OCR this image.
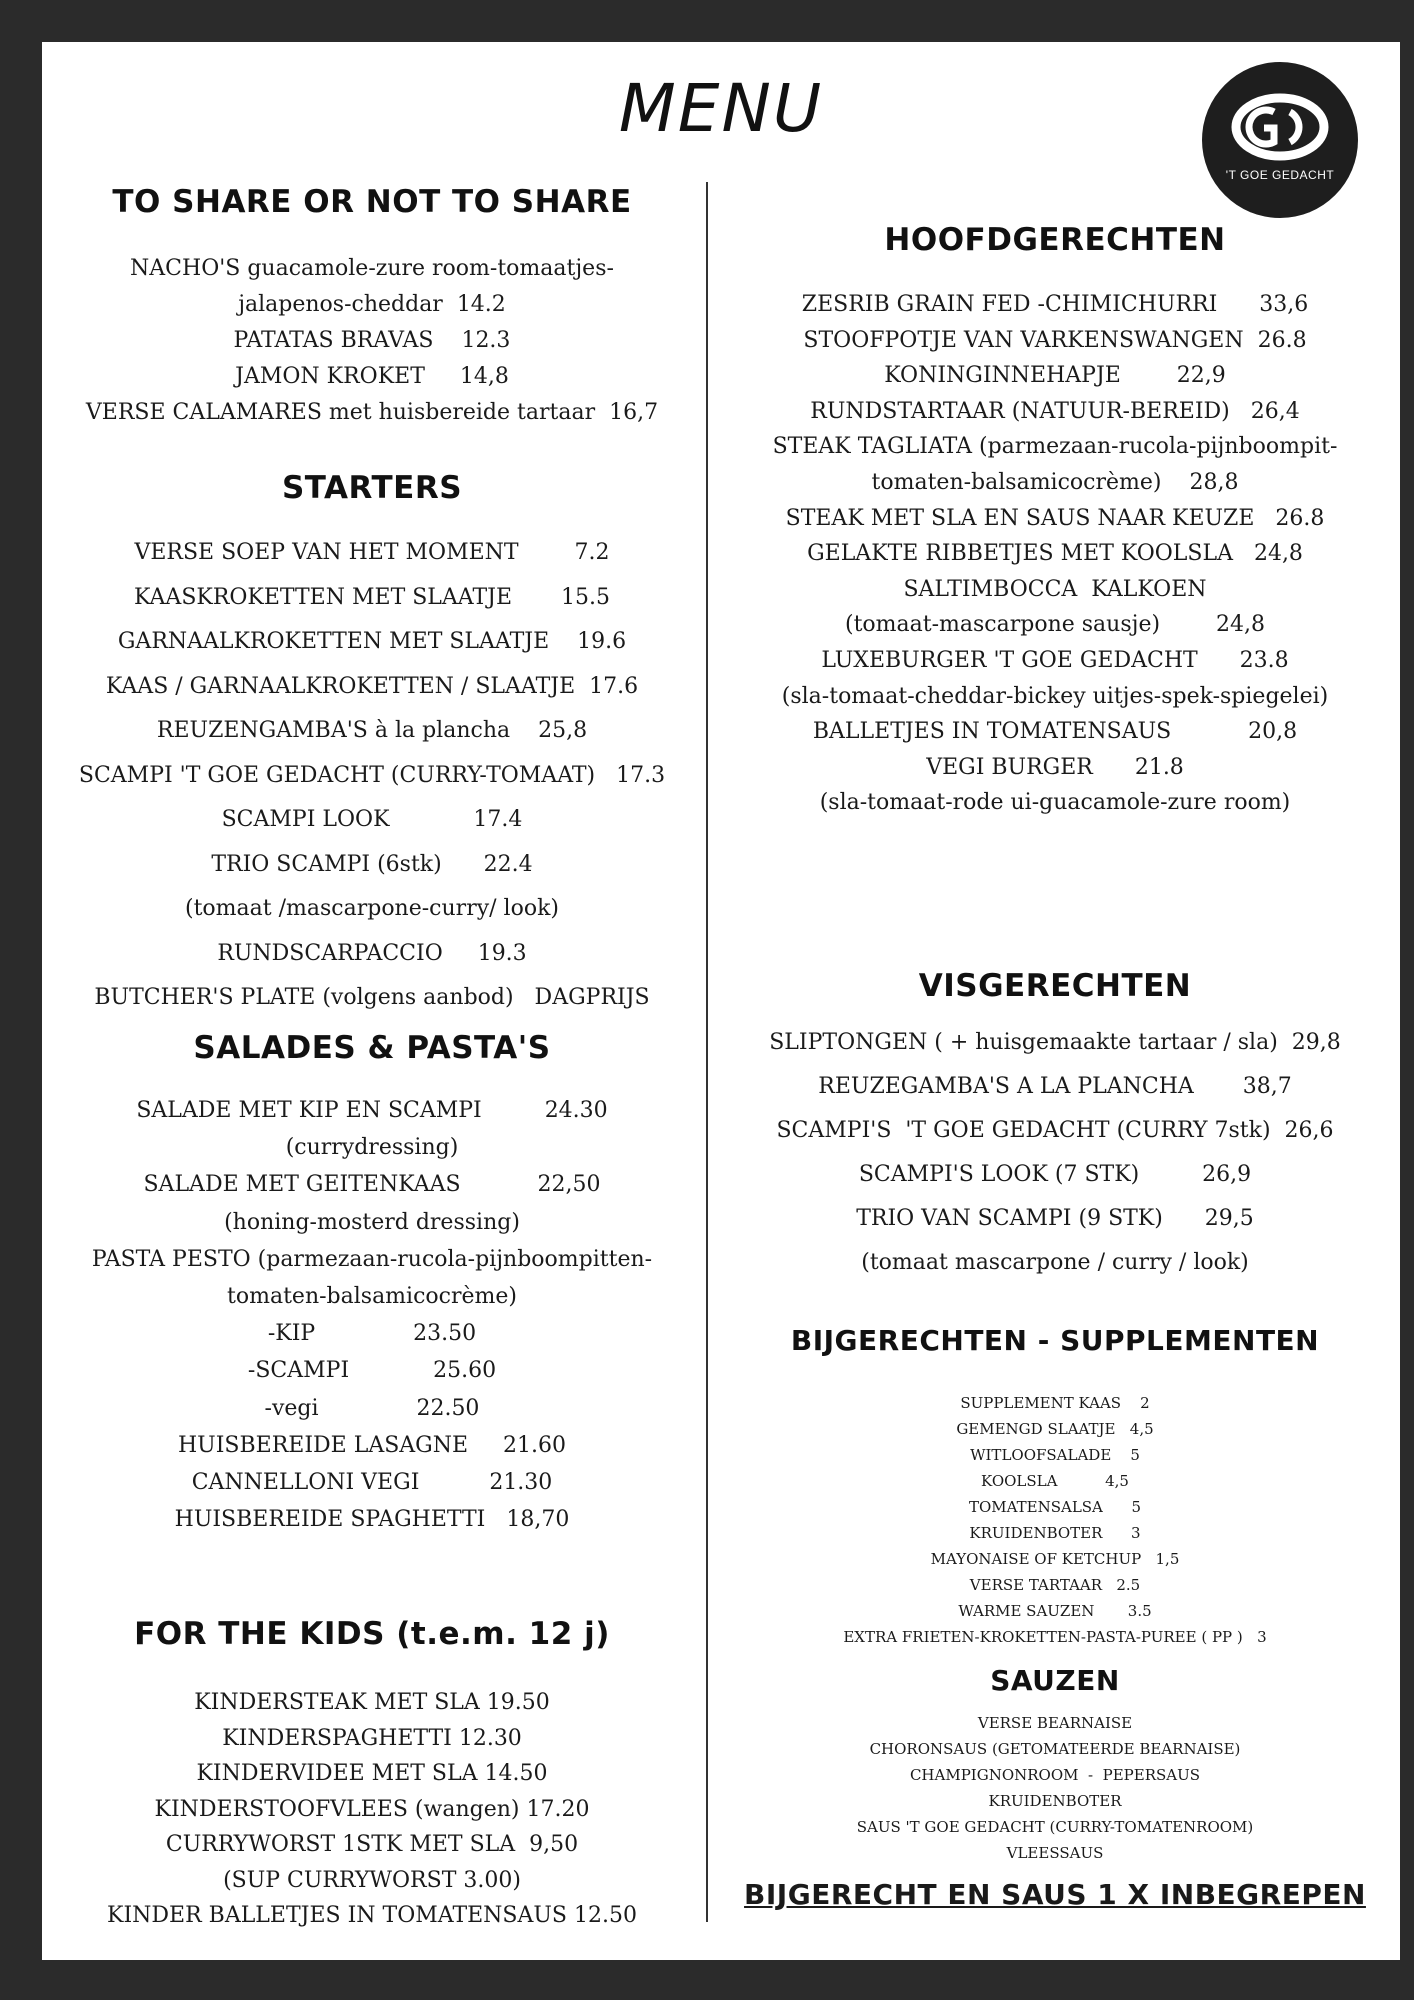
MENU
'T GOE GEDACHT
TO SHARE OR NOT TO SHARE
NACHO'S guacamole-zure room-tomaatjes-
jalapenos-cheddar  14.2
PATATAS BRAVAS    12.3
JAMON KROKET     14,8
VERSE CALAMARES met huisbereide tartaar  16,7
STARTERS
VERSE SOEP VAN HET MOMENT        7.2
KAASKROKETTEN MET SLAATJE       15.5
GARNAALKROKETTEN MET SLAATJE    19.6
KAAS / GARNAALKROKETTEN / SLAATJE  17.6
REUZENGAMBA'S à la plancha    25,8
SCAMPI 'T GOE GEDACHT (CURRY-TOMAAT)   17.3
SCAMPI LOOK            17.4
TRIO SCAMPI (6stk)      22.4
(tomaat /mascarpone-curry/ look)
RUNDSCARPACCIO     19.3
BUTCHER'S PLATE (volgens aanbod)   DAGPRIJS
SALADES & PASTA'S
SALADE MET KIP EN SCAMPI         24.30
(currydressing)
SALADE MET GEITENKAAS           22,50
(honing-mosterd dressing)
PASTA PESTO (parmezaan-rucola-pijnboompitten-
tomaten-balsamicocrème)
-KIP              23.50
-SCAMPI            25.60
-vegi              22.50
HUISBEREIDE LASAGNE     21.60
CANNELLONI VEGI          21.30
HUISBEREIDE SPAGHETTI   18,70
FOR THE KIDS (t.e.m. 12 j)
KINDERSTEAK MET SLA 19.50
KINDERSPAGHETTI 12.30
KINDERVIDEE MET SLA 14.50
KINDERSTOOFVLEES (wangen) 17.20
CURRYWORST 1STK MET SLA  9,50
(SUP CURRYWORST 3.00)
KINDER BALLETJES IN TOMATENSAUS 12.50
HOOFDGERECHTEN
ZESRIB GRAIN FED -CHIMICHURRI      33,6
STOOFPOTJE VAN VARKENSWANGEN  26.8
KONINGINNEHAPJE        22,9
RUNDSTARTAAR (NATUUR-BEREID)   26,4
STEAK TAGLIATA (parmezaan-rucola-pijnboompit-
tomaten-balsamicocrème)    28,8
STEAK MET SLA EN SAUS NAAR KEUZE   26.8
GELAKTE RIBBETJES MET KOOLSLA   24,8
SALTIMBOCCA  KALKOEN
(tomaat-mascarpone sausje)        24,8
LUXEBURGER 'T GOE GEDACHT      23.8
(sla-tomaat-cheddar-bickey uitjes-spek-spiegelei)
BALLETJES IN TOMATENSAUS           20,8
VEGI BURGER      21.8
(sla-tomaat-rode ui-guacamole-zure room)
VISGERECHTEN
SLIPTONGEN ( + huisgemaakte tartaar / sla)  29,8
REUZEGAMBA'S A LA PLANCHA       38,7
SCAMPI'S  'T GOE GEDACHT (CURRY 7stk)  26,6
SCAMPI'S LOOK (7 STK)         26,9
TRIO VAN SCAMPI (9 STK)      29,5
(tomaat mascarpone / curry / look)
BIJGERECHTEN - SUPPLEMENTEN
SUPPLEMENT KAAS    2
GEMENGD SLAATJE   4,5
WITLOOFSALADE    5
KOOLSLA          4,5
TOMATENSALSA      5
KRUIDENBOTER      3
MAYONAISE OF KETCHUP   1,5
VERSE TARTAAR   2.5
WARME SAUZEN       3.5
EXTRA FRIETEN-KROKETTEN-PASTA-PUREE ( PP )   3
SAUZEN
VERSE BEARNAISE
CHORONSAUS (GETOMATEERDE BEARNAISE)
CHAMPIGNONROOM  -  PEPERSAUS
KRUIDENBOTER
SAUS 'T GOE GEDACHT (CURRY-TOMATENROOM)
VLEESSAUS
BIJGERECHT EN SAUS 1 X INBEGREPEN
